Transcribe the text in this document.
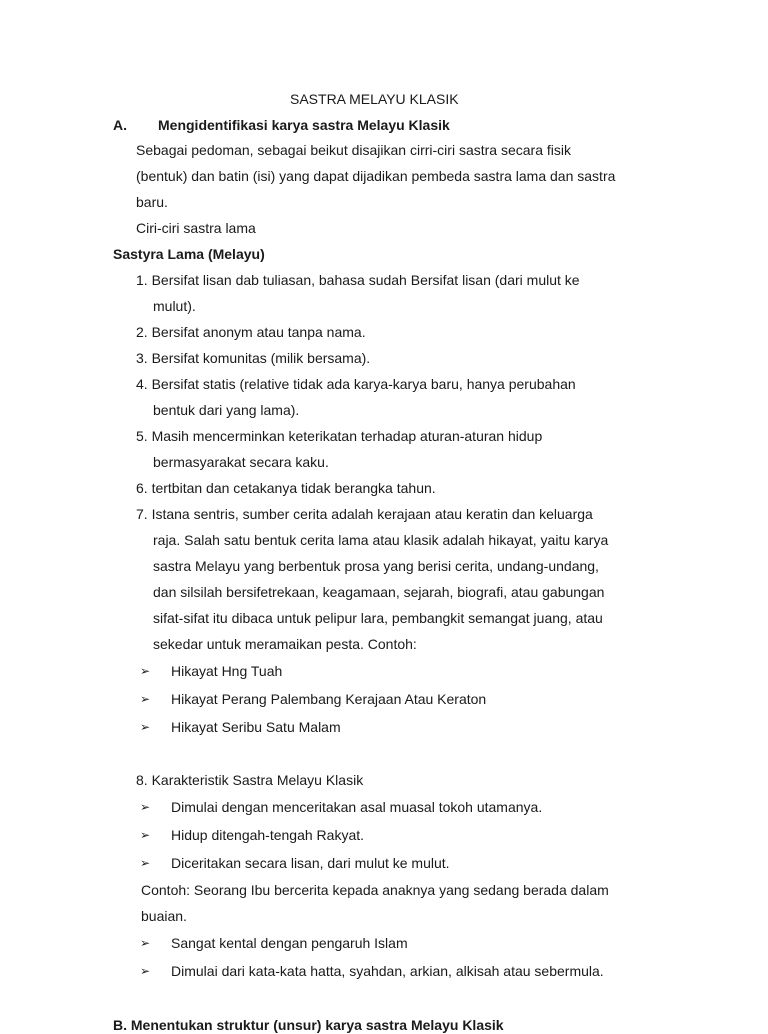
SASTRA MELAYU KLASIK
A. Mengidentifikasi karya sastra Melayu Klasik
Sebagai pedoman, sebagai beikut disajikan cirri-ciri sastra secara fisik
(bentuk) dan batin (isi) yang dapat dijadikan pembeda sastra lama dan sastra
baru.
Ciri-ciri sastra lama
Sastyra Lama (Melayu)
1. Bersifat lisan dab tuliasan, bahasa sudah Bersifat lisan (dari mulut ke
mulut).
2. Bersifat anonym atau tanpa nama.
3. Bersifat komunitas (milik bersama).
4. Bersifat statis (relative tidak ada karya-karya baru, hanya perubahan
bentuk dari yang lama).
5. Masih mencerminkan keterikatan terhadap aturan-aturan hidup
bermasyarakat secara kaku.
6. tertbitan dan cetakanya tidak berangka tahun.
7. Istana sentris, sumber cerita adalah kerajaan atau keratin dan keluarga
raja. Salah satu bentuk cerita lama atau klasik adalah hikayat, yaitu karya
sastra Melayu yang berbentuk prosa yang berisi cerita, undang-undang,
dan silsilah bersifetrekaan, keagamaan, sejarah, biografi, atau gabungan
sifat-sifat itu dibaca untuk pelipur lara, pembangkit semangat juang, atau
sekedar untuk meramaikan pesta. Contoh:
➢ Hikayat Hng Tuah
➢ Hikayat Perang Palembang Kerajaan Atau Keraton
➢ Hikayat Seribu Satu Malam
8. Karakteristik Sastra Melayu Klasik
➢ Dimulai dengan menceritakan asal muasal tokoh utamanya.
➢ Hidup ditengah-tengah Rakyat.
➢ Diceritakan secara lisan, dari mulut ke mulut.
Contoh: Seorang Ibu bercerita kepada anaknya yang sedang berada dalam
buaian.
➢ Sangat kental dengan pengaruh Islam
➢ Dimulai dari kata-kata hatta, syahdan, arkian, alkisah atau sebermula.
B. Menentukan struktur (unsur) karya sastra Melayu Klasik
